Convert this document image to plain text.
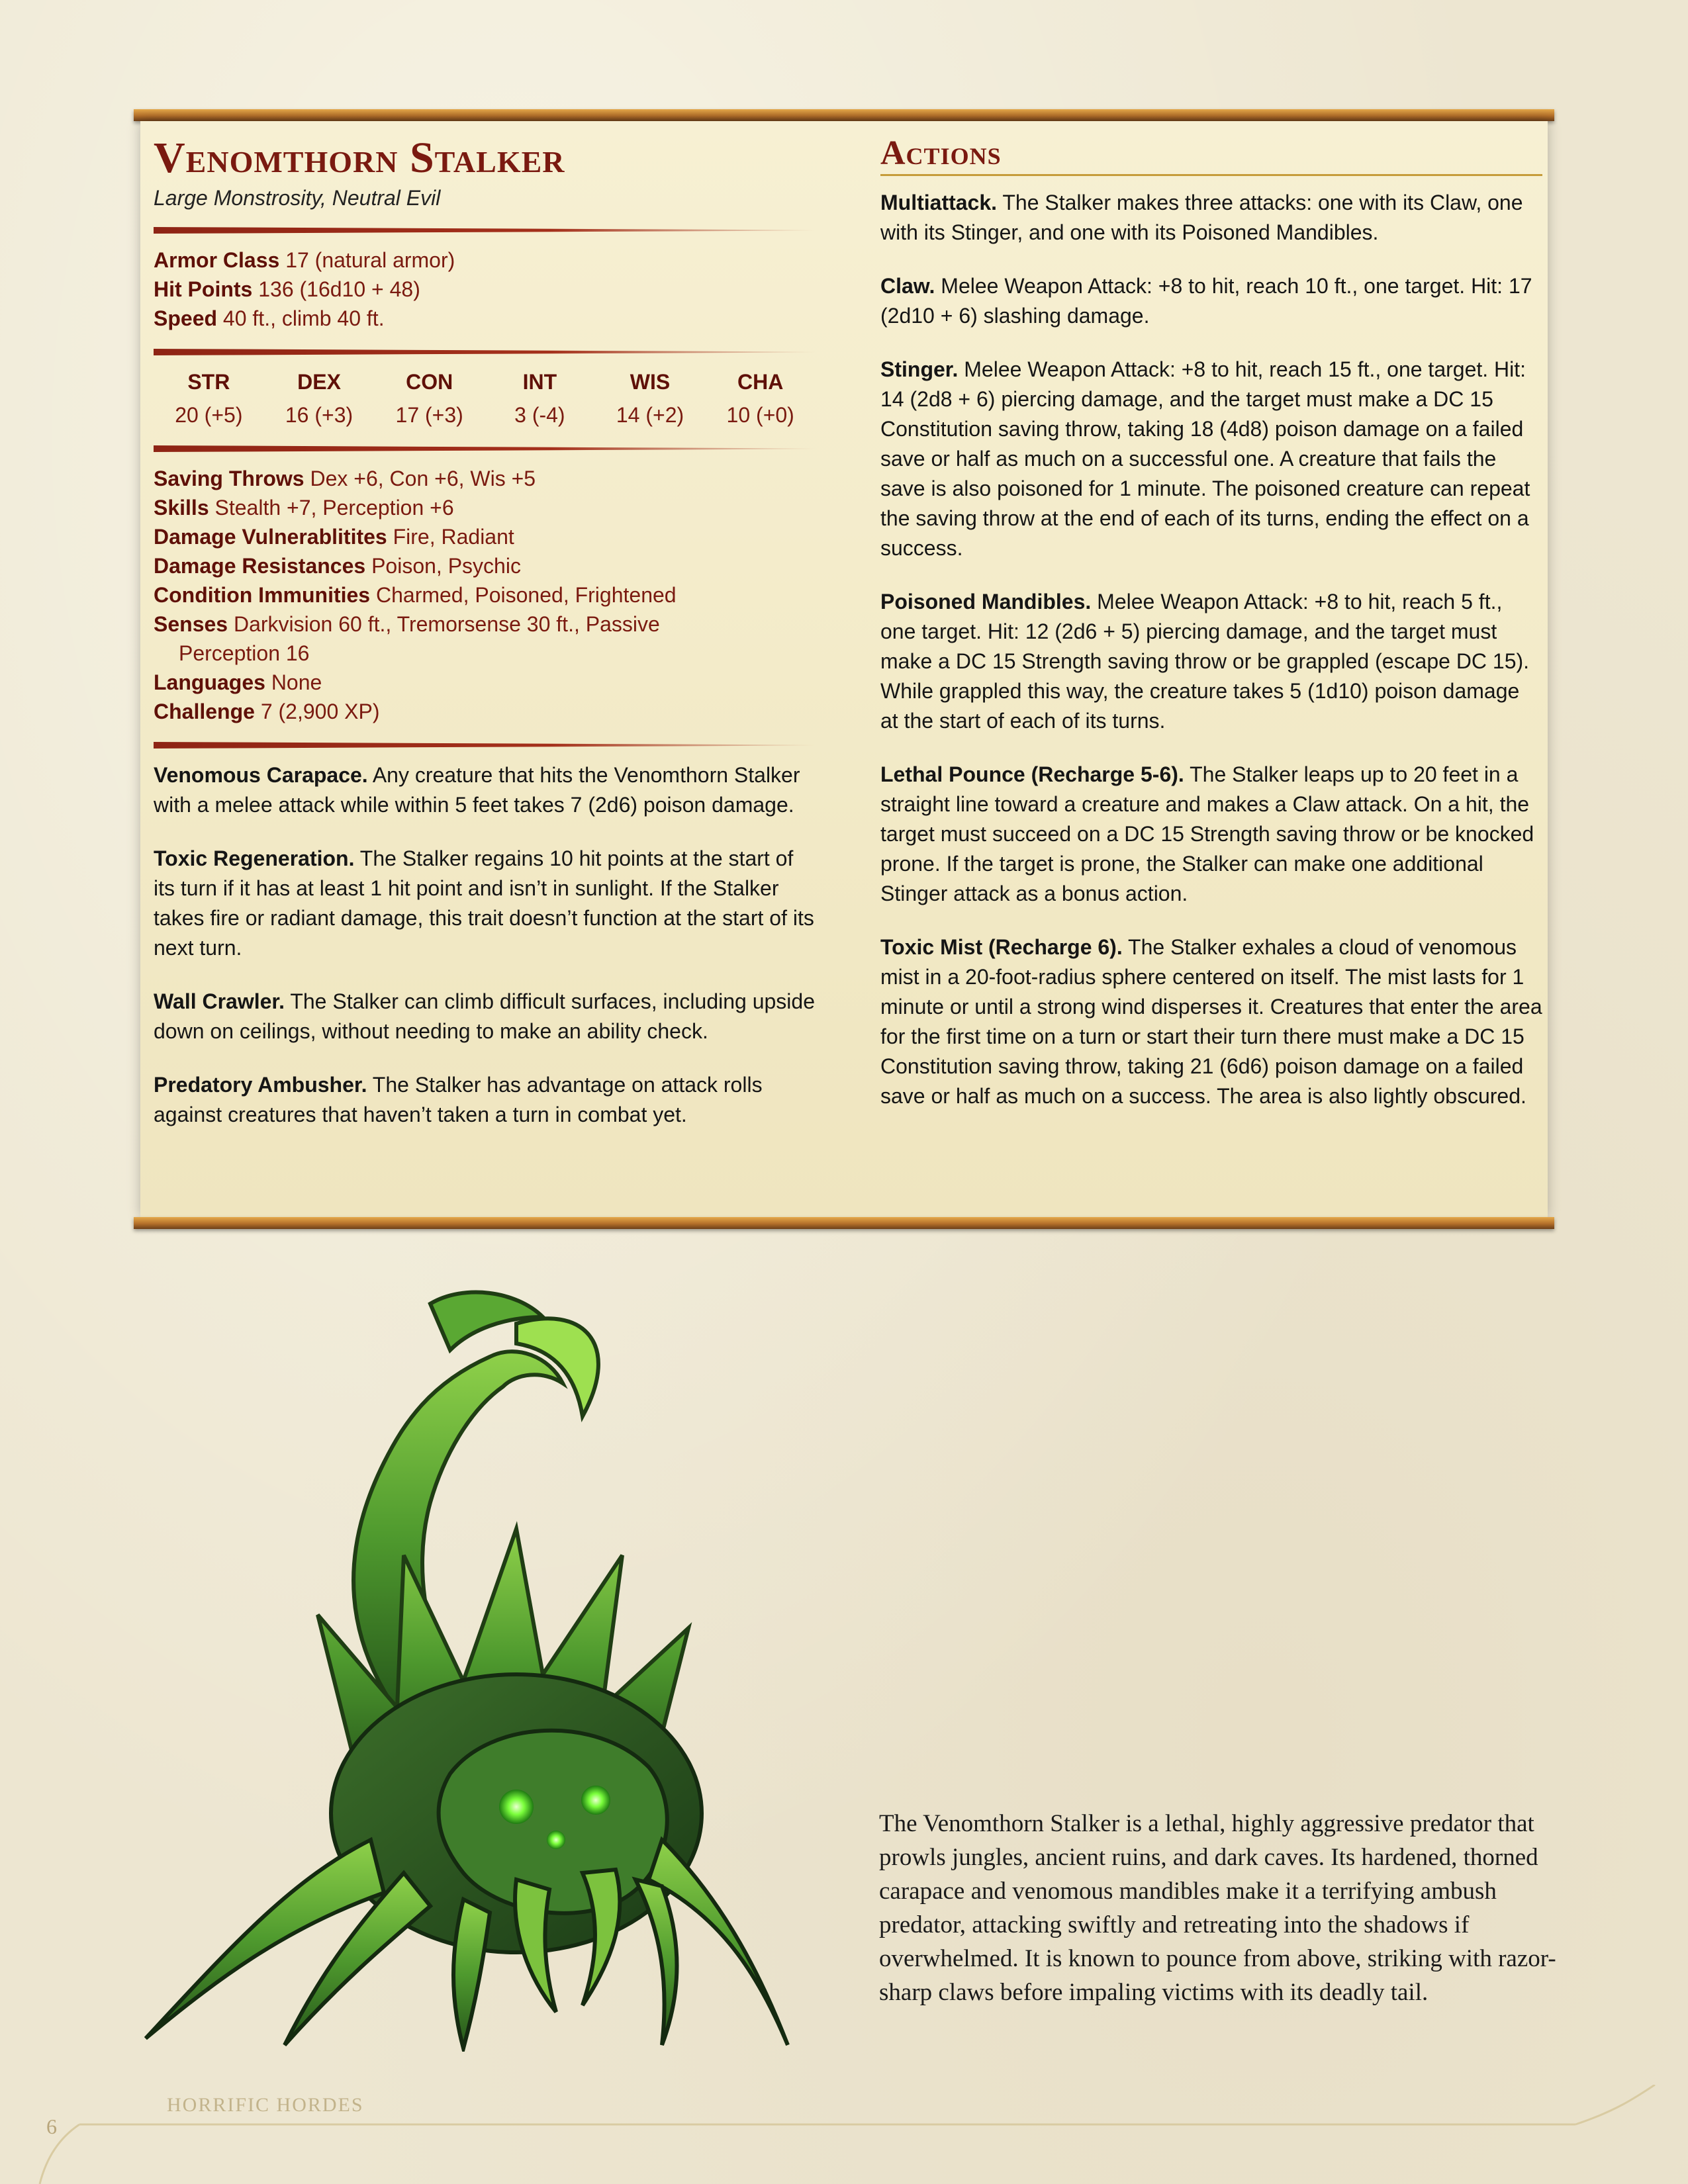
Venomthorn Stalker
Large Monstrosity, Neutral Evil
Armor Class 17 (natural armor)
Hit Points 136 (16d10 + 48)
Speed 40 ft., climb 40 ft.
STR
20 (+5)
DEX
16 (+3)
CON
17 (+3)
INT
3 (-4)
WIS
14 (+2)
CHA
10 (+0)
Saving Throws Dex +6, Con +6, Wis +5
Skills Stealth +7, Perception +6
Damage Vulnerablitites Fire, Radiant
Damage Resistances Poison, Psychic
Condition Immunities Charmed, Poisoned, Frightened
Senses Darkvision 60 ft., Tremorsense 30 ft., Passive
Perception 16
Languages None
Challenge 7 (2,900 XP)

Venomous Carapace. Any creature that hits the Venomthorn Stalker with a melee attack while within 5 feet takes 7 (2d6) poison damage.

Toxic Regeneration. The Stalker regains 10 hit points at the start of its turn if it has at least 1 hit point and isn’t in sunlight. If the Stalker takes fire or radiant damage, this trait doesn’t function at the start of its next turn.

Wall Crawler. The Stalker can climb difficult surfaces, including upside down on ceilings, without needing to make an ability check.

Predatory Ambusher. The Stalker has advantage on attack rolls against creatures that haven’t taken a turn in combat yet.

Actions

Multiattack. The Stalker makes three attacks: one with its Claw, one with its Stinger, and one with its Poisoned Mandibles.

Claw. Melee Weapon Attack: +8 to hit, reach 10 ft., one target. Hit: 17 (2d10 + 6) slashing damage.

Stinger. Melee Weapon Attack: +8 to hit, reach 15 ft., one target. Hit: 14 (2d8 + 6) piercing damage, and the target must make a DC 15 Constitution saving throw, taking 18 (4d8) poison damage on a failed save or half as much on a successful one. A creature that fails the save is also poisoned for 1 minute. The poisoned creature can repeat the saving throw at the end of each of its turns, ending the effect on a success.

Poisoned Mandibles. Melee Weapon Attack: +8 to hit, reach 5 ft., one target. Hit: 12 (2d6 + 5) piercing damage, and the target must make a DC 15 Strength saving throw or be grappled (escape DC 15). While grappled this way, the creature takes 5 (1d10) poison damage at the start of each of its turns.

Lethal Pounce (Recharge 5-6). The Stalker leaps up to 20 feet in a straight line toward a creature and makes a Claw attack. On a hit, the target must succeed on a DC 15 Strength saving throw or be knocked prone. If the target is prone, the Stalker can make one additional Stinger attack as a bonus action.

Toxic Mist (Recharge 6). The Stalker exhales a cloud of venomous mist in a 20-foot-radius sphere centered on itself. The mist lasts for 1 minute or until a strong wind disperses it. Creatures that enter the area for the first time on a turn or start their turn there must make a DC 15 Constitution saving throw, taking 21 (6d6) poison damage on a failed save or half as much on a success. The area is also lightly obscured.

The Venomthorn Stalker is a lethal, highly aggressive predator that prowls jungles, ancient ruins, and dark caves. Its hardened, thorned carapace and venomous mandibles make it a terrifying ambush predator, attacking swiftly and retreating into the shadows if overwhelmed. It is known to pounce from above, striking with razor-sharp claws before impaling victims with its deadly tail.
HORRIFIC HORDES
6
